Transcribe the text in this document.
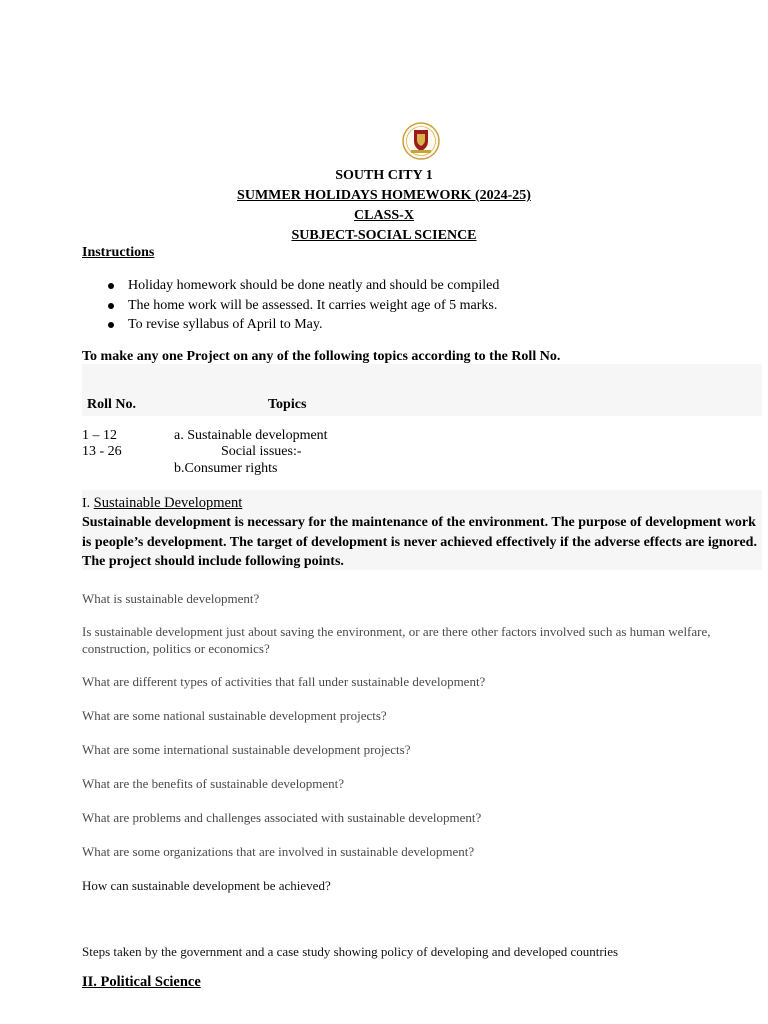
SOUTH CITY 1
SUMMER HOLIDAYS HOMEWORK (2024-25)
CLASS-X
SUBJECT-SOCIAL SCIENCE
Instructions
Holiday homework should be done neatly and should be compiled
The home work will be assessed. It carries weight age of 5 marks.
To revise syllabus of April to May.
To make any one Project on any of the following topics according to the Roll No.
Roll No.	Topics
1 – 12	a. Sustainable development
13 - 26	Social issues:-
b.Consumer rights
I. Sustainable Development
Sustainable development is necessary for the maintenance of the environment. The purpose of development work is people’s development. The target of development is never achieved effectively if the adverse effects are ignored. The project should include following points.
What is sustainable development?
Is sustainable development just about saving the environment, or are there other factors involved such as human welfare, construction, politics or economics?
What are different types of activities that fall under sustainable development?
What are some national sustainable development projects?
What are some international sustainable development projects?
What are the benefits of sustainable development?
What are problems and challenges associated with sustainable development?
What are some organizations that are involved in sustainable development?
How can sustainable development be achieved?
Steps taken by the government and a case study showing policy of developing and developed countries
II. Political Science
